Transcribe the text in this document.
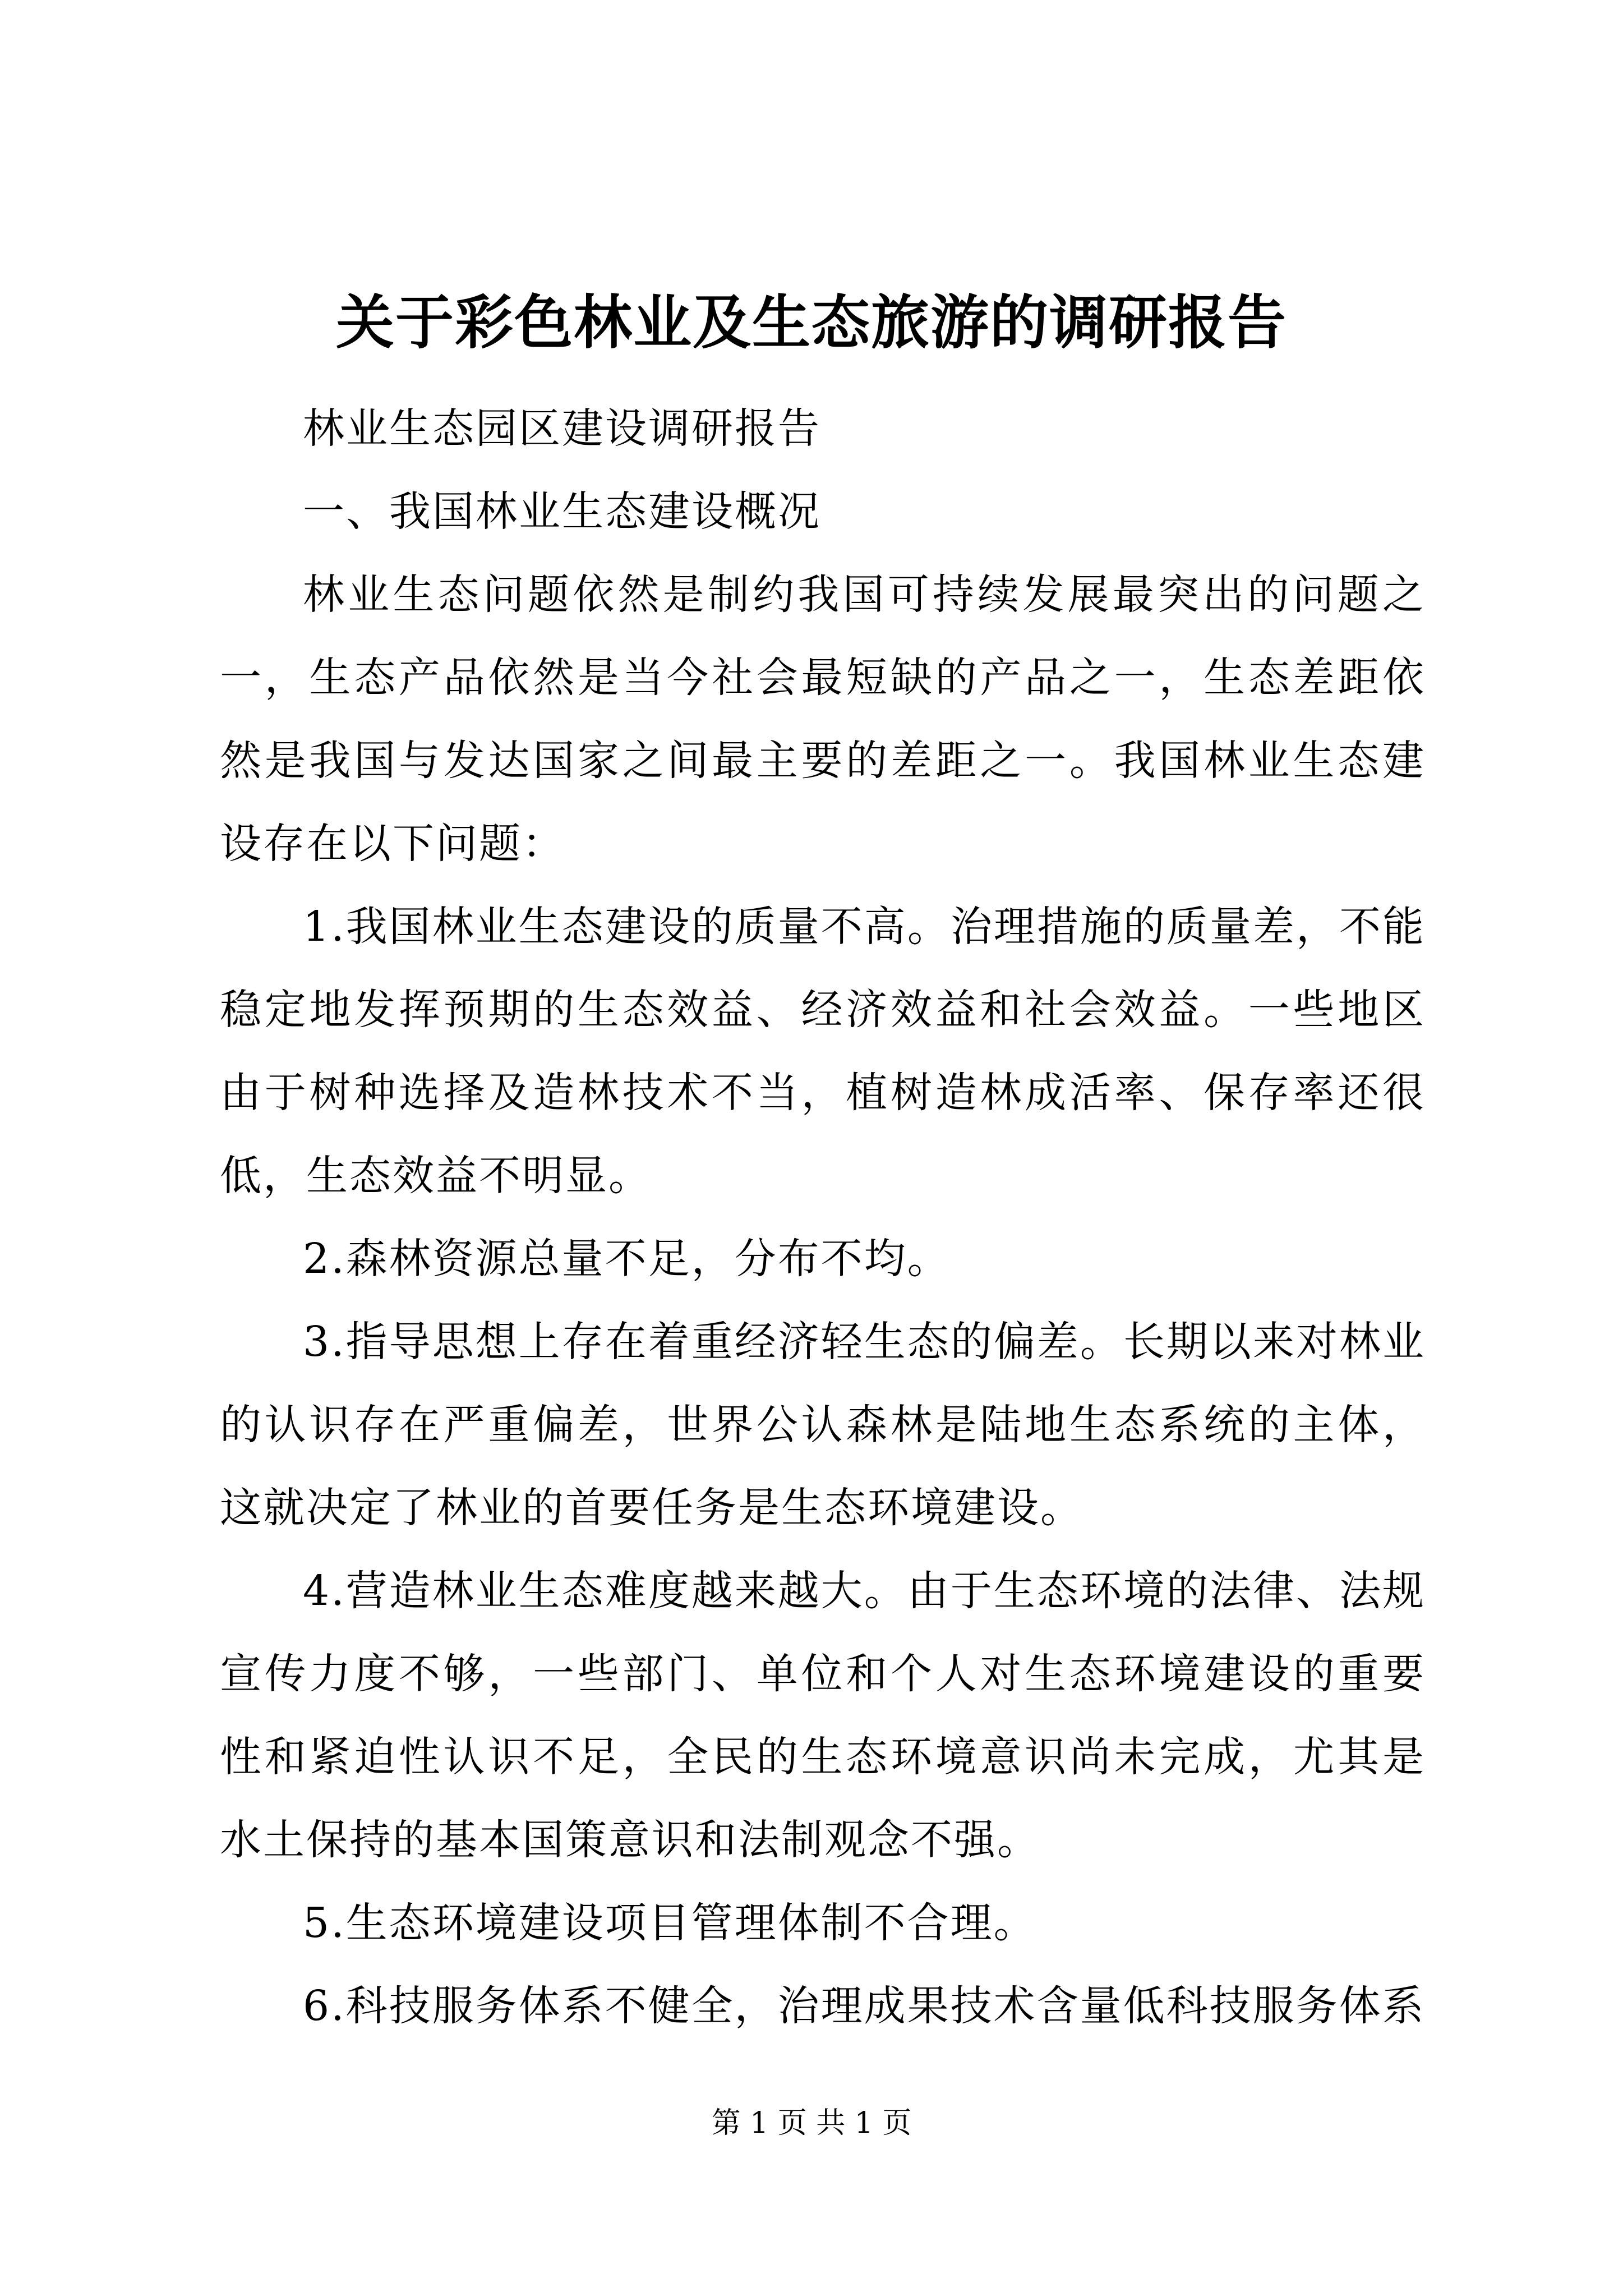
关于彩色林业及生态旅游的调研报告

林业生态园区建设调研报告

一、我国林业生态建设概况

林业生态问题依然是制约我国可持续发展最突出的问题之一，生态产品依然是当今社会最短缺的产品之一，生态差距依然是我国与发达国家之间最主要的差距之一。我国林业生态建设存在以下问题：

1.我国林业生态建设的质量不高。治理措施的质量差，不能稳定地发挥预期的生态效益、经济效益和社会效益。一些地区由于树种选择及造林技术不当，植树造林成活率、保存率还很低，生态效益不明显。

2.森林资源总量不足，分布不均。

3.指导思想上存在着重经济轻生态的偏差。长期以来对林业的认识存在严重偏差，世界公认森林是陆地生态系统的主体，这就决定了林业的首要任务是生态环境建设。

4.营造林业生态难度越来越大。由于生态环境的法律、法规宣传力度不够，一些部门、单位和个人对生态环境建设的重要性和紧迫性认识不足，全民的生态环境意识尚未完成，尤其是水土保持的基本国策意识和法制观念不强。

5.生态环境建设项目管理体制不合理。

6.科技服务体系不健全，治理成果技术含量低科技服务体系

第 1 页 共 1 页
